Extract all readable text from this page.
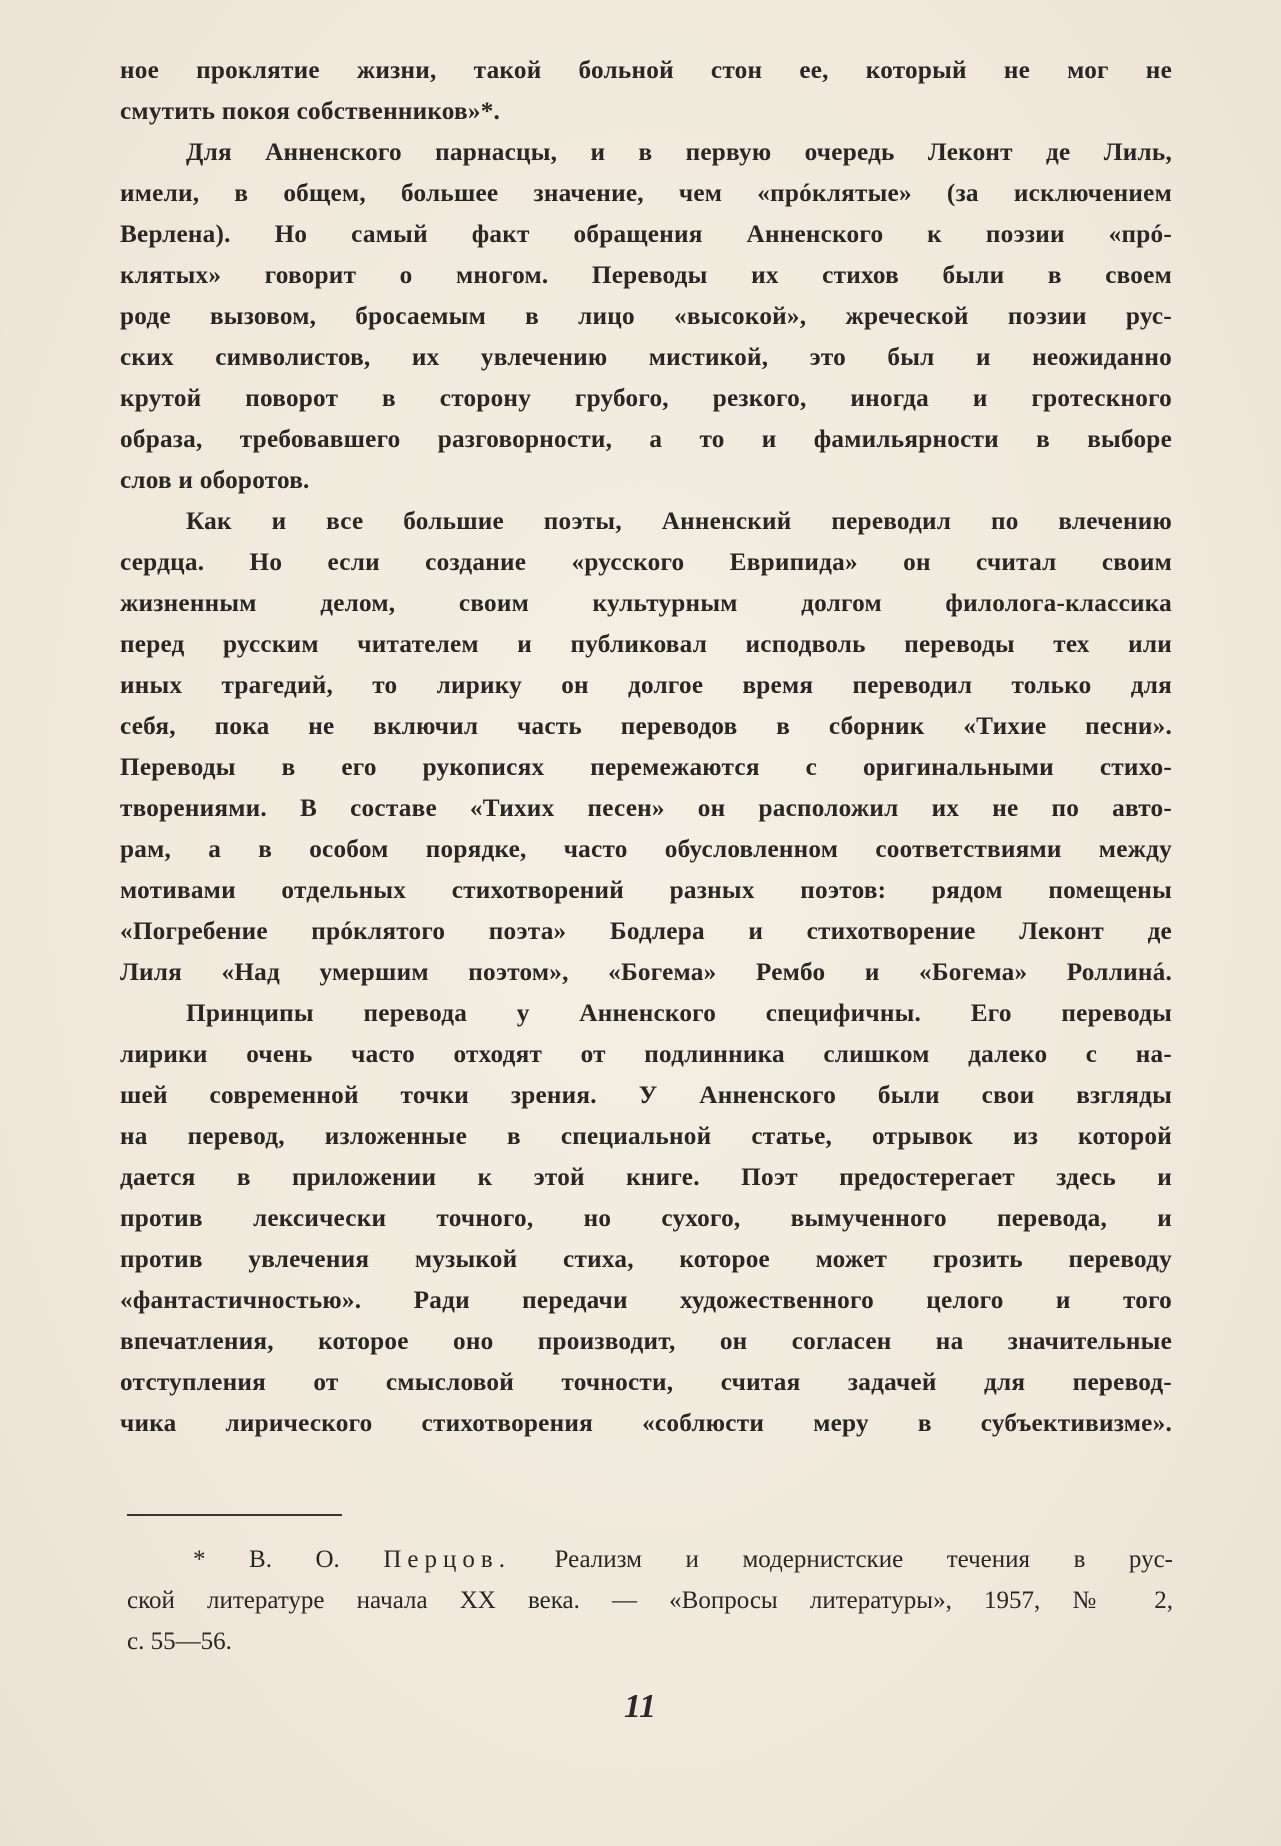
ное проклятие жизни, такой больной стон ее, который не мог не
смутить покоя собственников»*.
Для Анненского парнасцы, и в первую очередь Леконт де Лиль,
имели, в общем, большее значение, чем «прóклятые» (за исключением
Верлена). Но самый факт обращения Анненского к поэзии «прó-
клятых» говорит о многом. Переводы их стихов были в своем
роде вызовом, бросаемым в лицо «высокой», жреческой поэзии рус-
ских символистов, их увлечению мистикой, это был и неожиданно
крутой поворот в сторону грубого, резкого, иногда и гротескного
образа, требовавшего разговорности, а то и фамильярности в выборе
слов и оборотов.
Как и все большие поэты, Анненский переводил по влечению
сердца. Но если создание «русского Еврипида» он считал своим
жизненным делом, своим культурным долгом филолога-классика
перед русским читателем и публиковал исподволь переводы тех или
иных трагедий, то лирику он долгое время переводил только для
себя, пока не включил часть переводов в сборник «Тихие песни».
Переводы в его рукописях перемежаются с оригинальными стихо-
творениями. В составе «Тихих песен» он расположил их не по авто-
рам, а в особом порядке, часто обусловленном соответствиями между
мотивами отдельных стихотворений разных поэтов: рядом помещены
«Погребение прóклятого поэта» Бодлера и стихотворение Леконт де
Лиля «Над умершим поэтом», «Богема» Рембо и «Богема» Роллинá.
Принципы перевода у Анненского специфичны. Его переводы
лирики очень часто отходят от подлинника слишком далеко с на-
шей современной точки зрения. У Анненского были свои взгляды
на перевод, изложенные в специальной статье, отрывок из которой
дается в приложении к этой книге. Поэт предостерегает здесь и
против лексически точного, но сухого, вымученного перевода, и
против увлечения музыкой стиха, которое может грозить переводу
«фантастичностью». Ради передачи художественного целого и того
впечатления, которое оно производит, он согласен на значительные
отступления от смысловой точности, считая задачей для перевод-
чика лирического стихотворения «соблюсти меру в субъективизме».
* В. О. Перцов. Реализм и модернистские течения в рус-
ской литературе начала XX века. — «Вопросы литературы», 1957, № 2,
с. 55—56.
11
